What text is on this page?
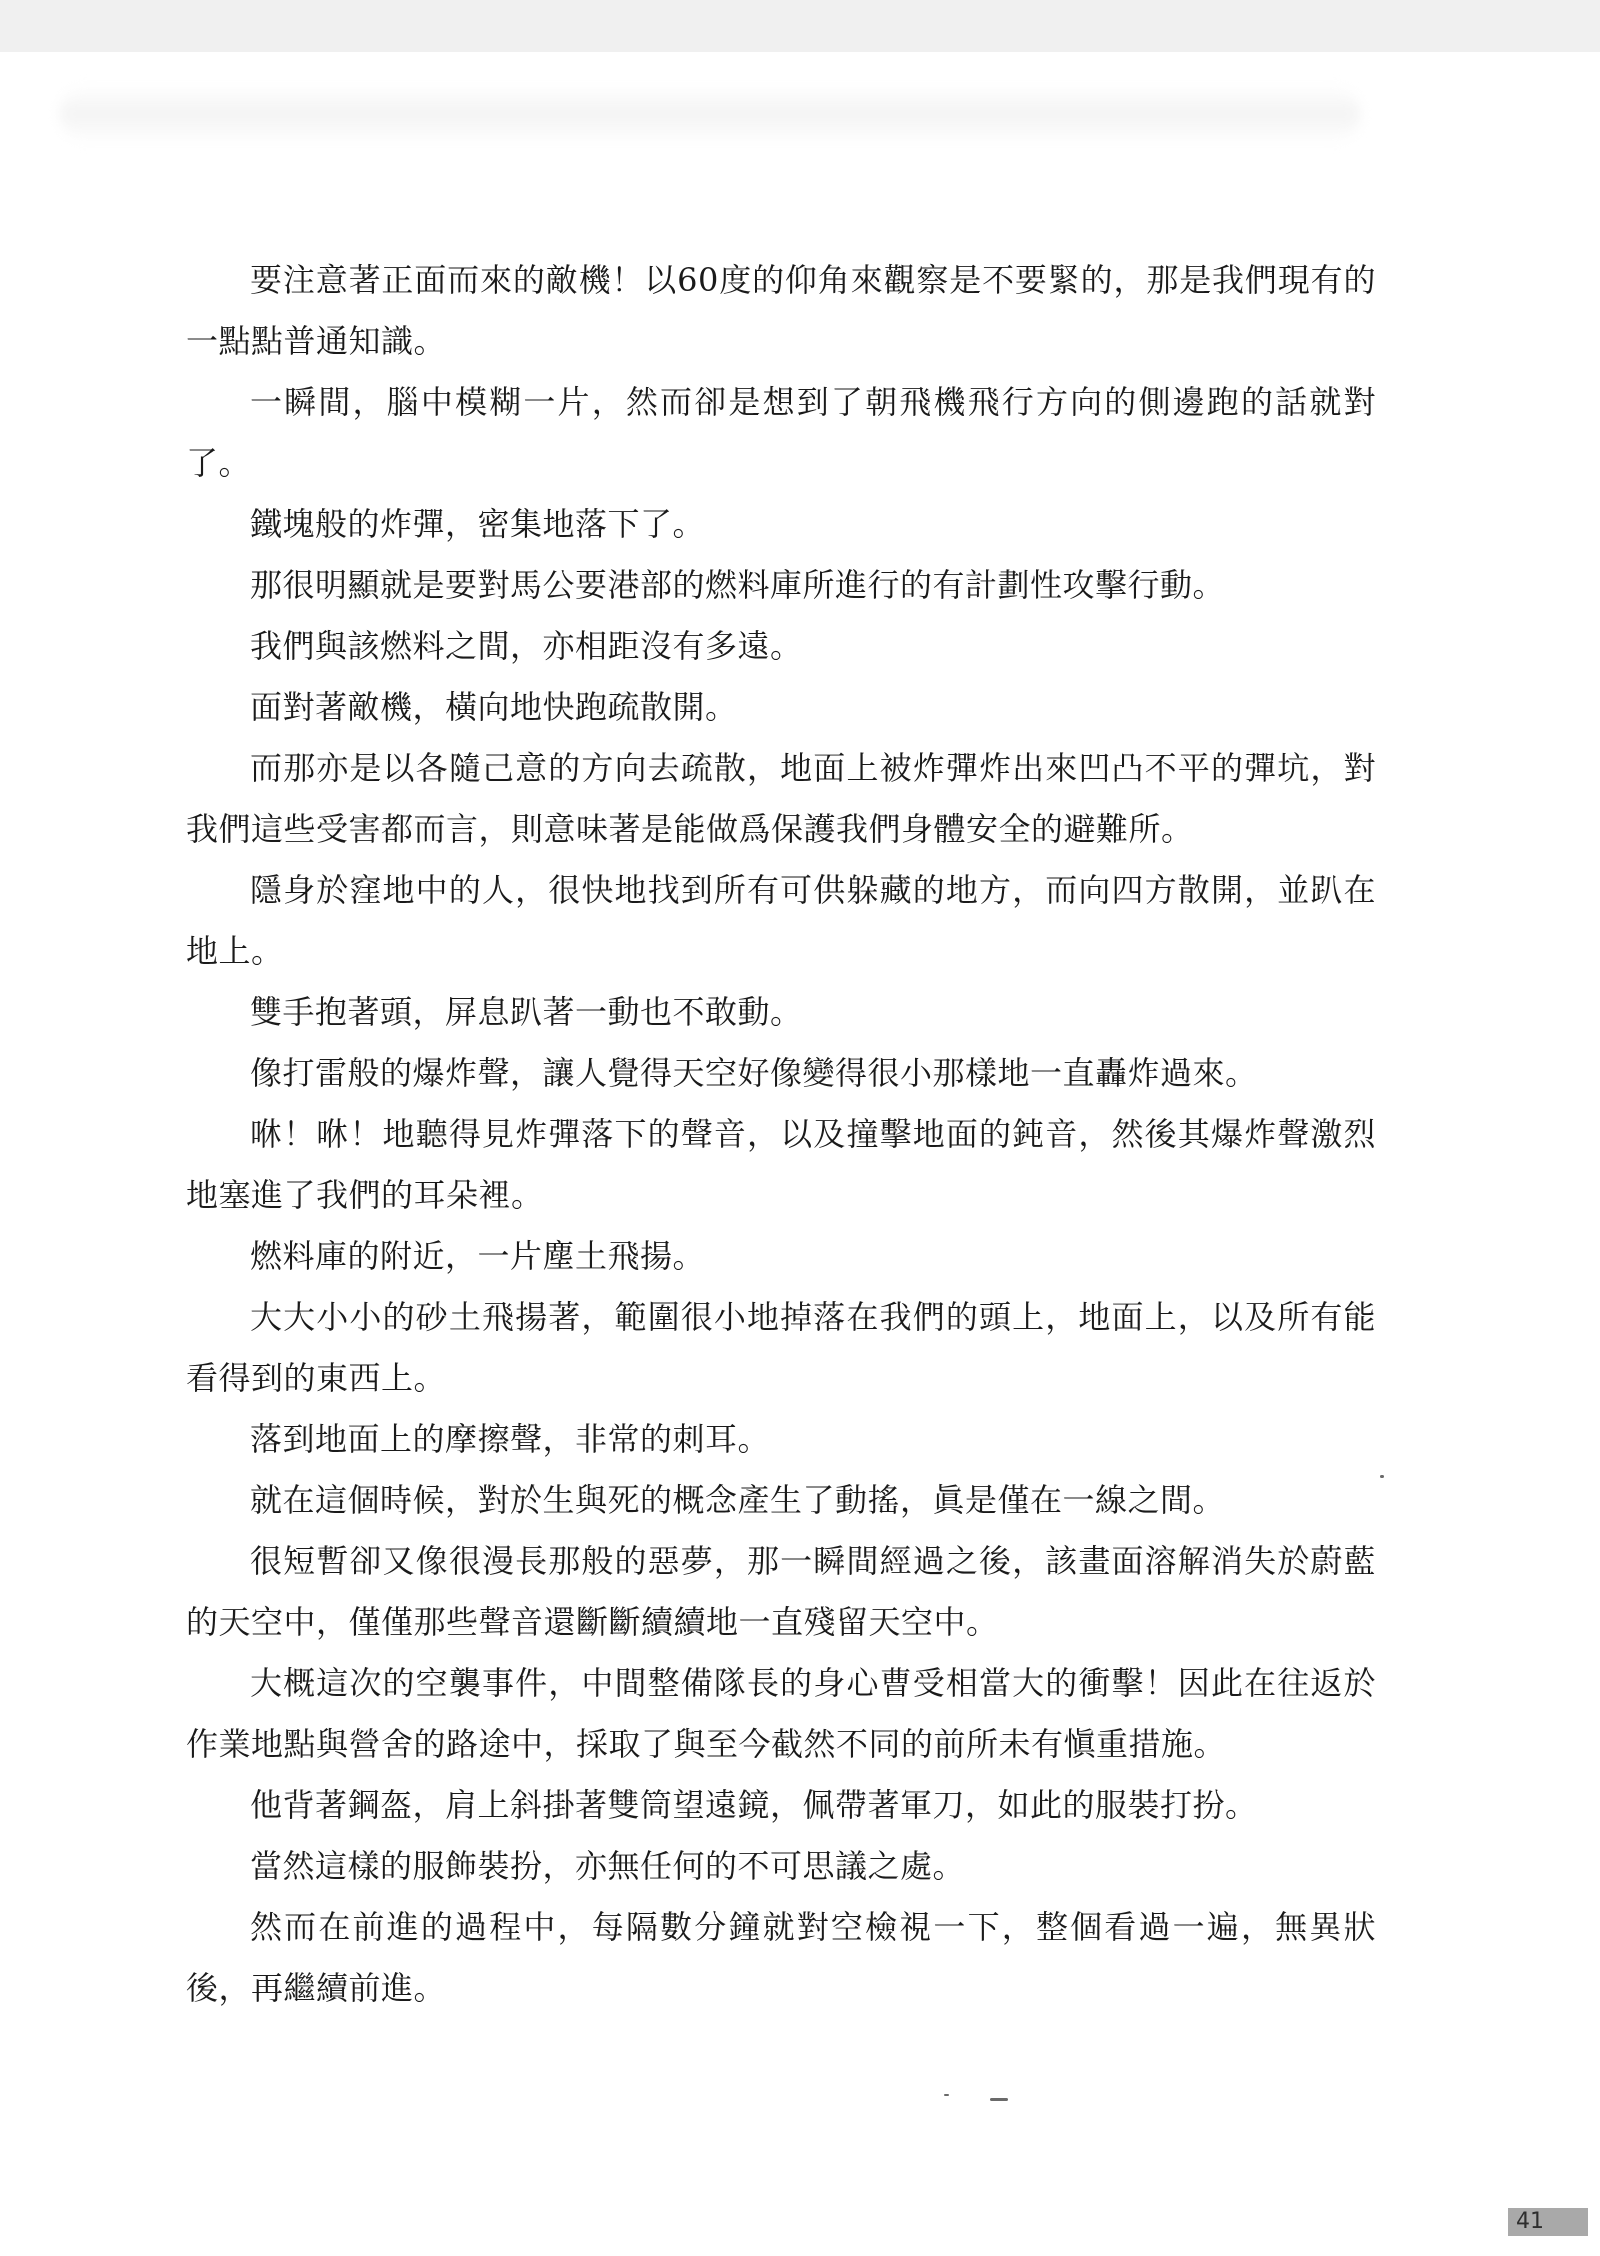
要注意著正面而來的敵機！以60度的仰角來觀察是不要緊的，那是我們現有的一點點普通知識。

一瞬間，腦中模糊一片，然而卻是想到了朝飛機飛行方向的側邊跑的話就對了。

鐵塊般的炸彈，密集地落下了。

那很明顯就是要對馬公要港部的燃料庫所進行的有計劃性攻擊行動。

我們與該燃料之間，亦相距沒有多遠。

面對著敵機，橫向地快跑疏散開。

而那亦是以各隨己意的方向去疏散，地面上被炸彈炸出來凹凸不平的彈坑，對我們這些受害都而言，則意味著是能做爲保護我們身體安全的避難所。

隱身於窪地中的人，很快地找到所有可供躲藏的地方，而向四方散開，並趴在地上。

雙手抱著頭，屏息趴著一動也不敢動。

像打雷般的爆炸聲，讓人覺得天空好像變得很小那樣地一直轟炸過來。

咻！咻！地聽得見炸彈落下的聲音，以及撞擊地面的鈍音，然後其爆炸聲激烈地塞進了我們的耳朵裡。

燃料庫的附近，一片塵土飛揚。

大大小小的砂土飛揚著，範圍很小地掉落在我們的頭上，地面上，以及所有能看得到的東西上。

落到地面上的摩擦聲，非常的刺耳。

就在這個時候，對於生與死的概念產生了動搖，眞是僅在一線之間。

很短暫卻又像很漫長那般的惡夢，那一瞬間經過之後，該畫面溶解消失於蔚藍的天空中，僅僅那些聲音還斷斷續續地一直殘留天空中。

大概這次的空襲事件，中間整備隊長的身心曹受相當大的衝擊！因此在往返於作業地點與營舍的路途中，採取了與至今截然不同的前所未有愼重措施。

他背著鋼盔，肩上斜掛著雙筒望遠鏡，佩帶著軍刀，如此的服裝打扮。

當然這樣的服飾裝扮，亦無任何的不可思議之處。

然而在前進的過程中，每隔數分鐘就對空檢視一下，整個看過一遍，無異狀後，再繼續前進。

41
